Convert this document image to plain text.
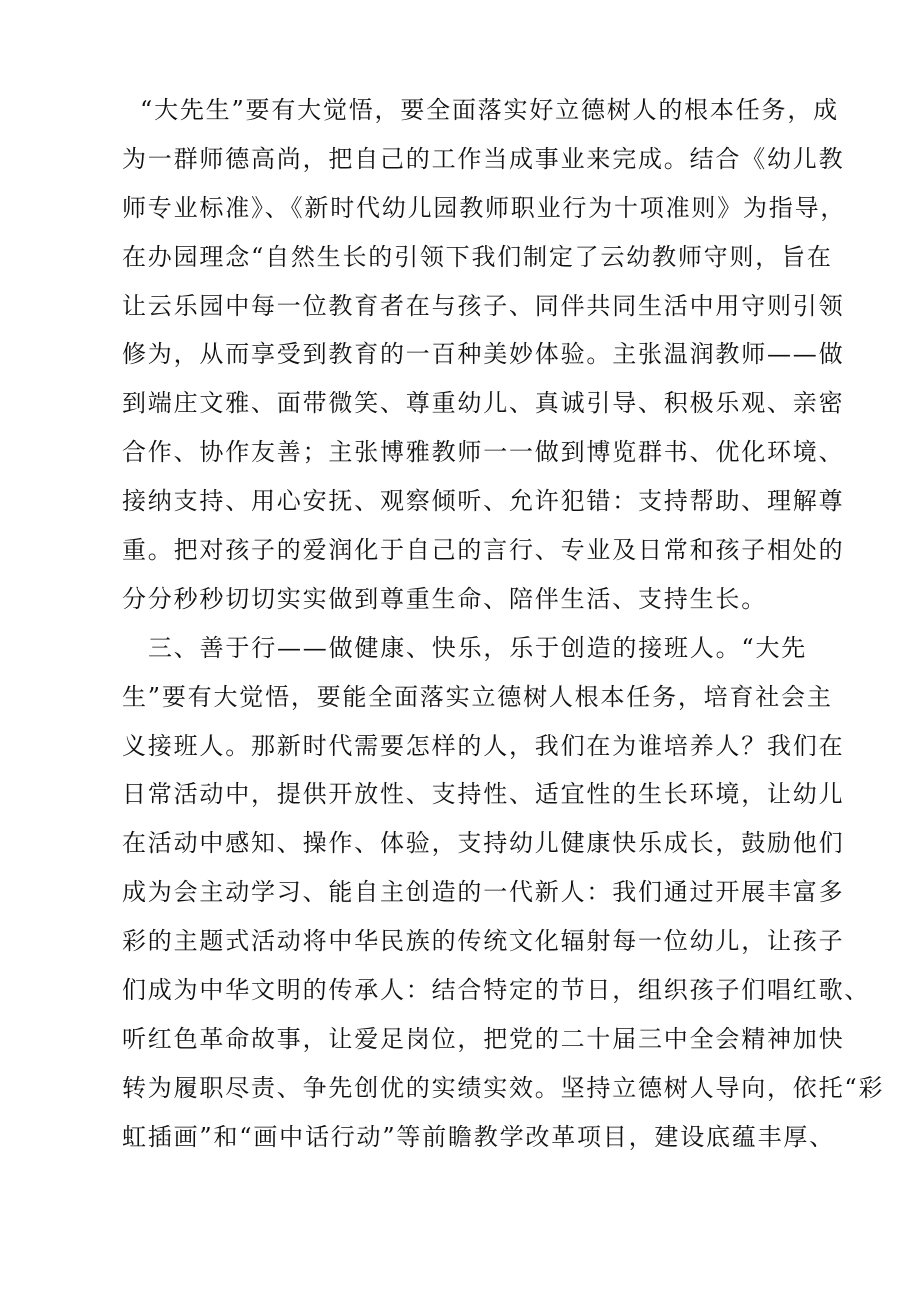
“大先生”要有大觉悟，要全面落实好立德树人的根本任务，成
为一群师德高尚，把自己的工作当成事业来完成。结合《幼儿教
师专业标准》、《新时代幼儿园教师职业行为十项准则》为指导，
在办园理念“自然生长的引领下我们制定了云幼教师守则，旨在
让云乐园中每一位教育者在与孩子、同伴共同生活中用守则引领
修为，从而享受到教育的一百种美妙体验。主张温润教师——做
到端庄文雅、面带微笑、尊重幼儿、真诚引导、积极乐观、亲密
合作、协作友善；主张博雅教师一一做到博览群书、优化环境、
接纳支持、用心安抚、观察倾听、允许犯错：支持帮助、理解尊
重。把对孩子的爱润化于自己的言行、专业及日常和孩子相处的
分分秒秒切切实实做到尊重生命、陪伴生活、支持生长。
三、善于行——做健康、快乐，乐于创造的接班人。“大先
生”要有大觉悟，要能全面落实立德树人根本任务，培育社会主
义接班人。那新时代需要怎样的人，我们在为谁培养人？我们在
日常活动中，提供开放性、支持性、适宜性的生长环境，让幼儿
在活动中感知、操作、体验，支持幼儿健康快乐成长，鼓励他们
成为会主动学习、能自主创造的一代新人：我们通过开展丰富多
彩的主题式活动将中华民族的传统文化辐射每一位幼儿，让孩子
们成为中华文明的传承人：结合特定的节日，组织孩子们唱红歌、
听红色革命故事，让爱足岗位，把党的二十届三中全会精神加快
转为履职尽责、争先创优的实绩实效。坚持立德树人导向，依托“彩
虹插画”和“画中话行动”等前瞻教学改革项目，建设底蕴丰厚、
